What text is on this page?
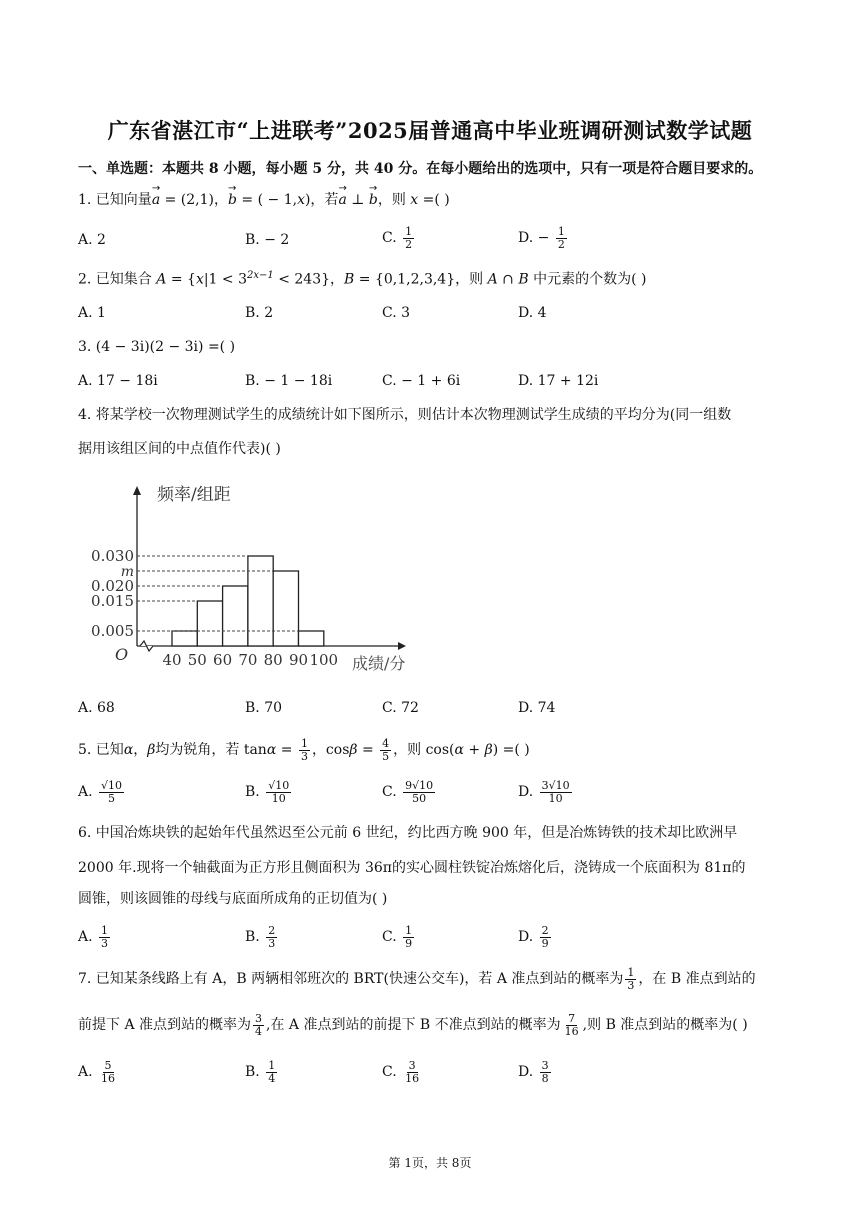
广东省湛江市“上进联考”2025届普通高中毕业班调研测试数学试题
一、单选题：本题共 8 小题，每小题 5 分，共 40 分。在每小题给出的选项中，只有一项是符合题目要求的。
1. 已知向量
→
a = (2,1)，
→
b = ( − 1,x)，若
→
a ⊥
→
b，则 x =( )
A. 2	B. − 2	C. $\frac{1}{2}$	D. − $\frac{1}{2}$
2. 已知集合 $A = \{x|1 < 3^{2x-1} < 243\}$，B = {0,1,2,3,4}，则 A ∩ B 中元素的个数为( )
A. 1	B. 2	C. 3	D. 4
3. (4 − 3i)(2 − 3i) =( )
A. 17 − 18i	B. − 1 − 18i	C. − 1 + 6i	D. 17 + 12i
4. 将某学校一次物理测试学生的成绩统计如下图所示，则估计本次物理测试学生成绩的平均分为(同一组数
据用该组区间的中点值作代表)( )
频率/组距
O
0.005
0.015
0.020
m
0.030
40 50 60 70 80 90 100 成绩/分
A. 68	B. 70	C. 72	D. 74
5. 已知α，β均为锐角，若 $\tan\alpha = \frac{1}{3}$ ，$\cos\beta = \frac{4}{5}$ ，则 cos(α + β) =( )
A. $\frac{√10}{5}$	B. $\frac{√10}{10}$	C. $\frac{9√10}{50}$	D. $\frac{3√10}{10}$
6. 中国冶炼块铁的起始年代虽然迟至公元前 6 世纪，约比西方晚 900 年，但是冶炼铸铁的技术却比欧洲早
2000 年.现将一个轴截面为正方形且侧面积为 36π的实心圆柱铁锭冶炼熔化后，浇铸成一个底面积为 81π的
圆锥，则该圆锥的母线与底面所成角的正切值为( )
A. $\frac{1}{3}$	B. $\frac{2}{3}$	C. $\frac{1}{9}$	D. $\frac{2}{9}$
7. 已知某条线路上有 A，B 两辆相邻班次的 BRT(快速公交车)，若 A 准点到站的概率为 $\frac{1}{3}$ ，在 B 准点到站的
前提下 A 准点到站的概率为 $\frac{3}{4}$ ,在 A 准点到站的前提下 B 不准点到站的概率为 $\frac{7}{16}$ ,则 B 准点到站的概率为( )
A. $\frac{5}{16}$	B. $\frac{1}{4}$	C. $\frac{3}{16}$	D. $\frac{3}{8}$
第 1页，共 8页
